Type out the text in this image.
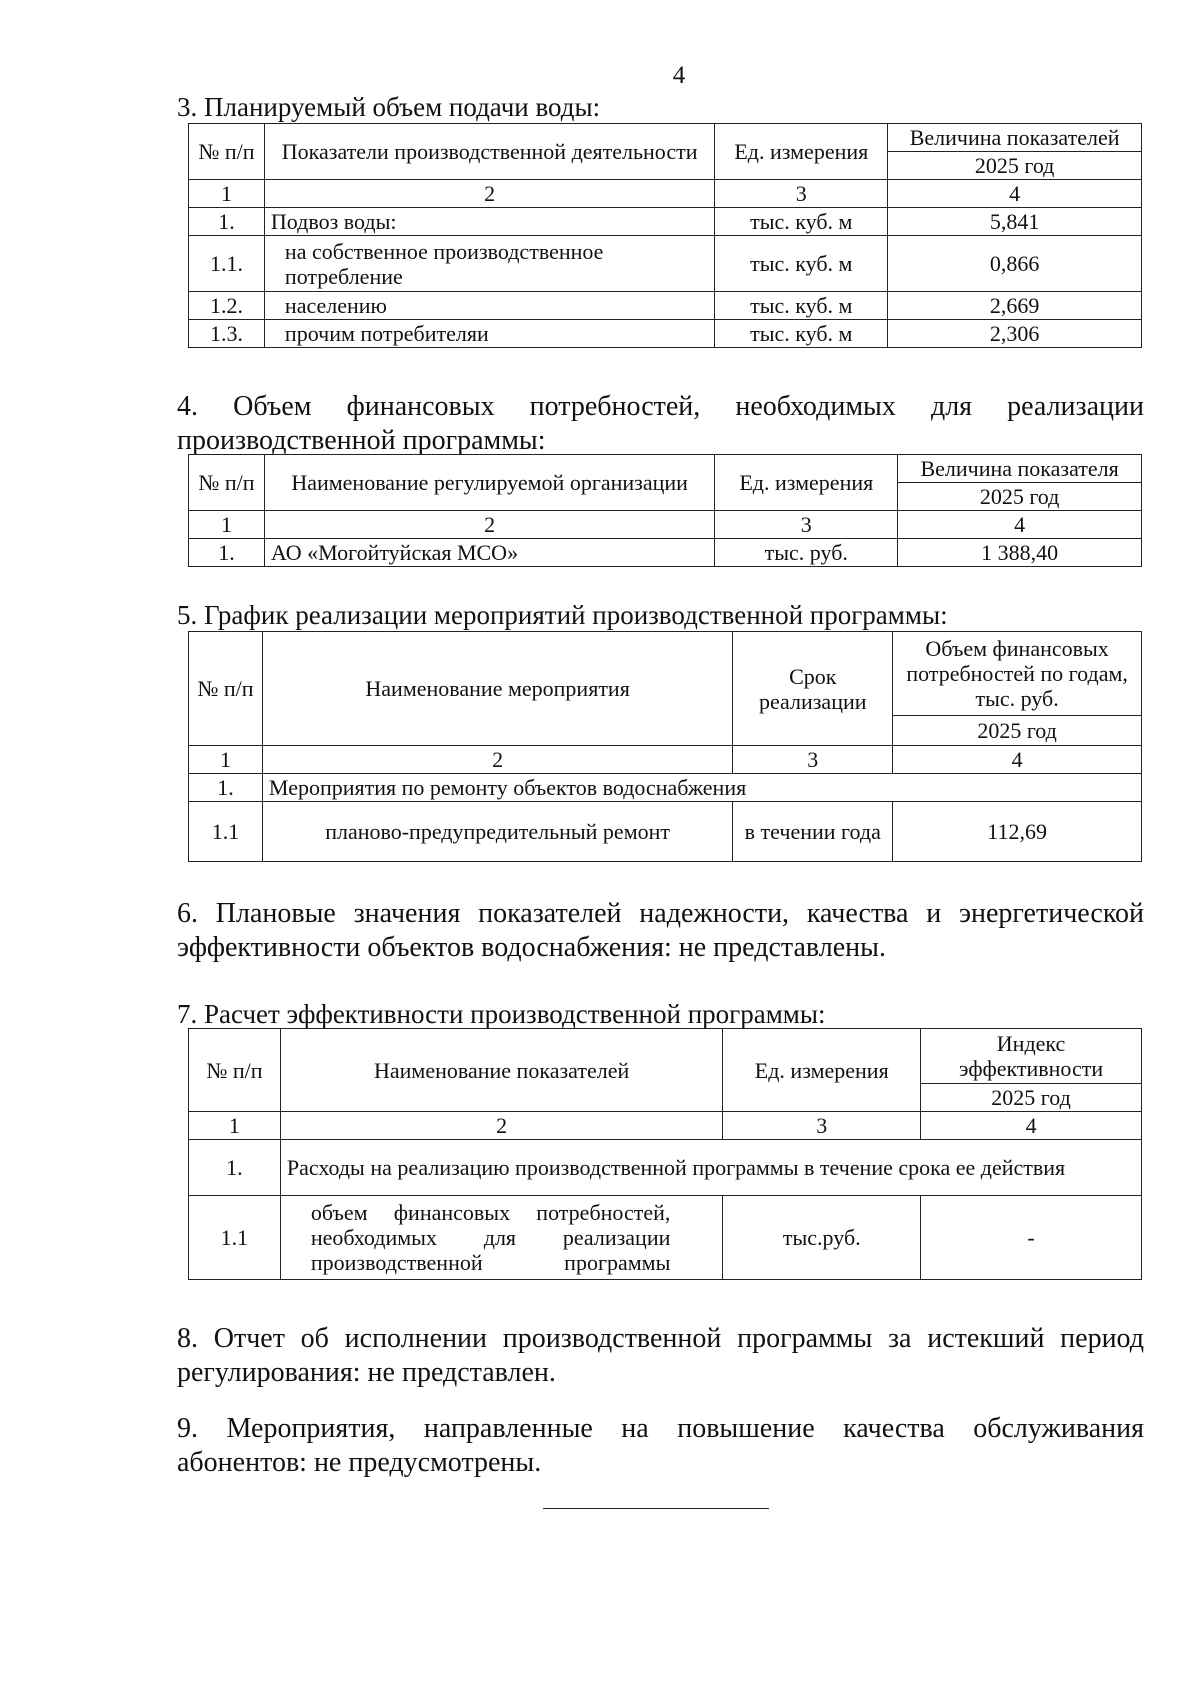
4
3. Планируемый объем подачи воды:
№ п/п	Показатели производственной деятельности	Ед. измерения	Величина показателей
			2025 год
1	2	3	4
1.	Подвоз воды:	тыс. куб. м	5,841
1.1.	на собственное производственное потребление	тыс. куб. м	0,866
1.2.	населению	тыс. куб. м	2,669
1.3.	прочим потребителяи	тыс. куб. м	2,306

4. Объем финансовых потребностей, необходимых для реализации производственной программы:

№ п/п	Наименование регулируемой организации	Ед. измерения	Величина показателя
			2025 год
1	2	3	4
1.	АО «Могойтуйская МСО»	тыс. руб.	1 388,40
5. График реализации мероприятий производственной программы:
№ п/п	Наименование мероприятия	Срок реализации	Объем финансовых потребностей по годам, тыс. руб.
			2025 год
1	2	3	4
1.	Мероприятия по ремонту объектов водоснабжения		
1.1	планово-предупредительный ремонт	в течении года	112,69

6. Плановые значения показателей надежности, качества и энергетической эффективности объектов водоснабжения: не представлены.

7. Расчет эффективности производственной программы:
№ п/п	Наименование показателей	Ед. измерения	Индекс эффективности
			2025 год
1	2	3	4
1.	Расходы на реализацию производственной программы в течение срока ее действия		
1.1	объем финансовых потребностей, необходимых для реализации производственной программы	тыс.руб.	-

8. Отчет об исполнении производственной программы за истекший период регулирования: не представлен.

9. Мероприятия, направленные на повышение качества обслуживания абонентов: не предусмотрены.
